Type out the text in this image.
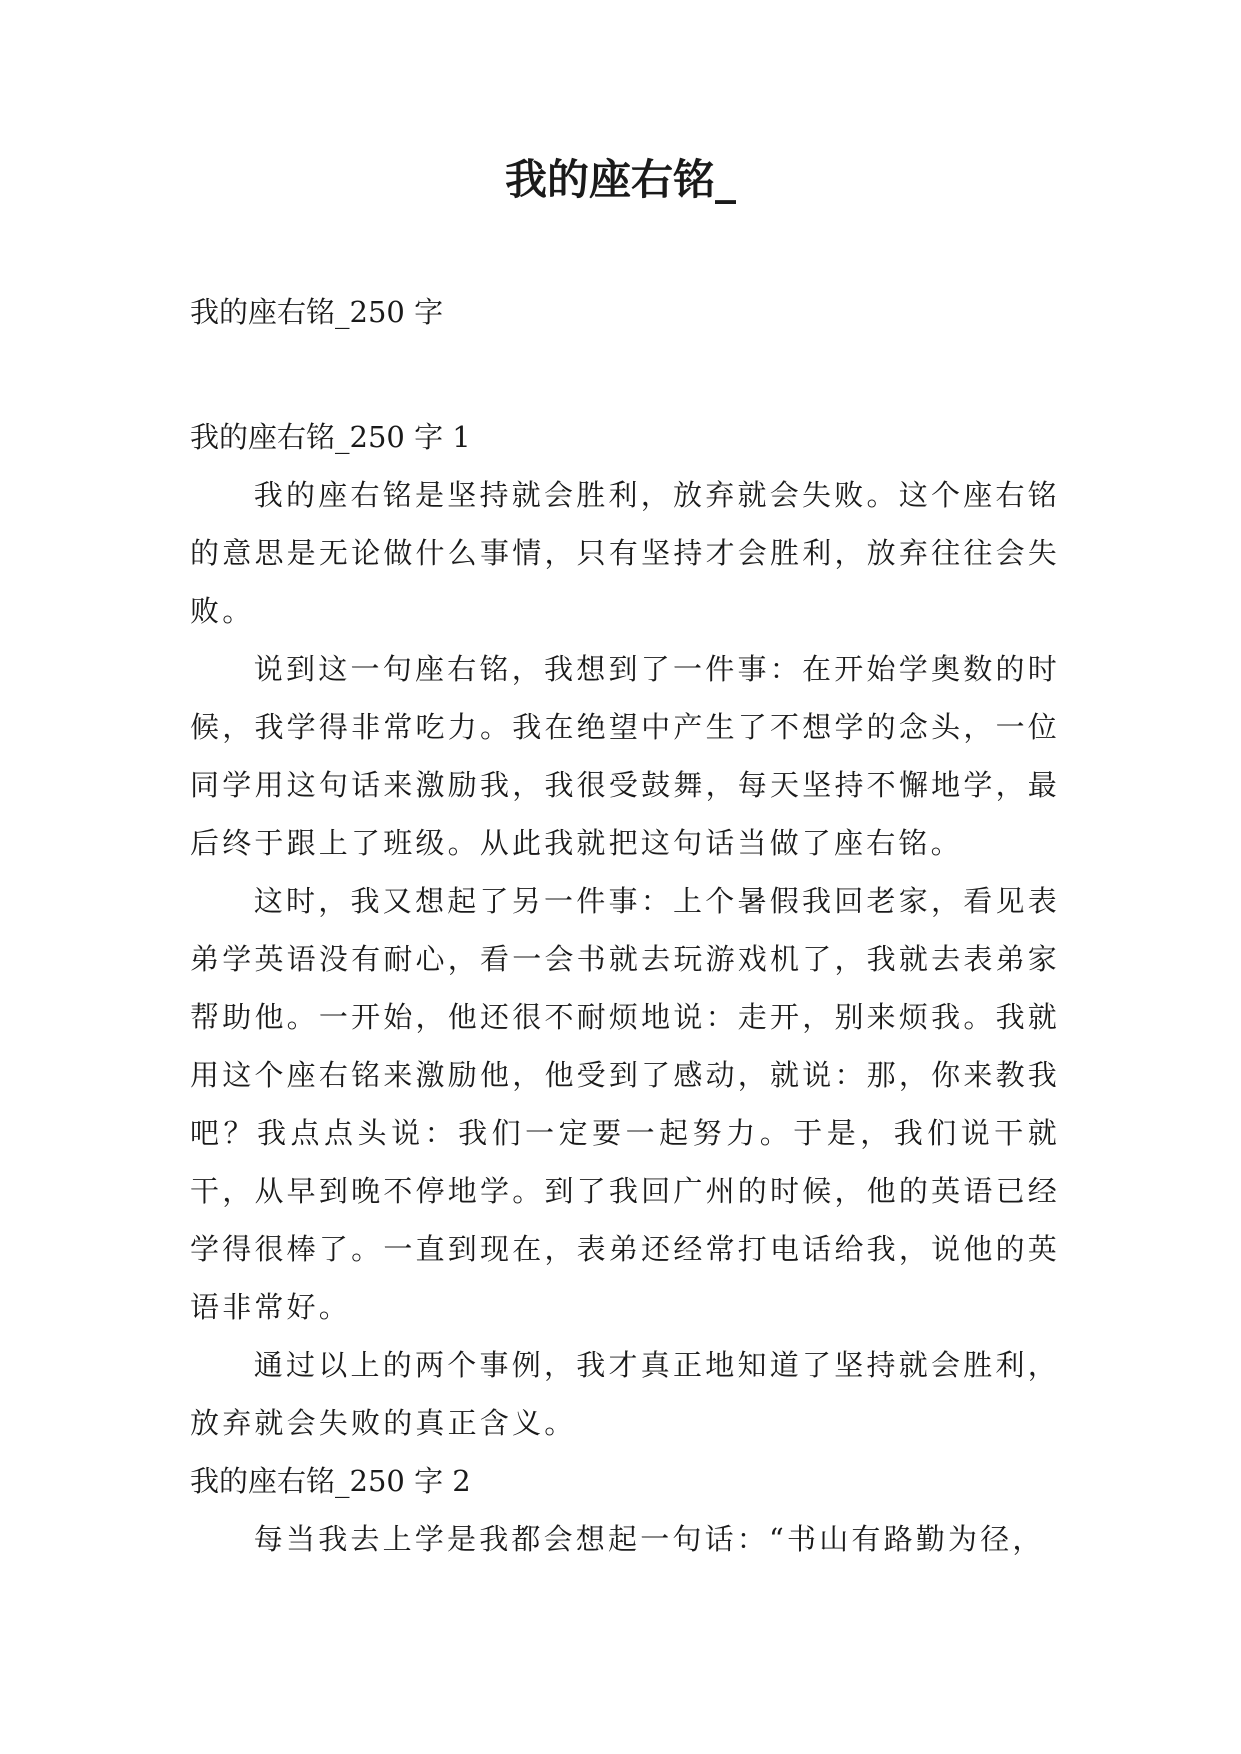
我的座右铭_

我的座右铭_250 字

我的座右铭_250 字 1

我的座右铭是坚持就会胜利，放弃就会失败。这个座右铭的意思是无论做什么事情，只有坚持才会胜利，放弃往往会失败。

说到这一句座右铭，我想到了一件事：在开始学奥数的时候，我学得非常吃力。我在绝望中产生了不想学的念头，一位同学用这句话来激励我，我很受鼓舞，每天坚持不懈地学，最后终于跟上了班级。从此我就把这句话当做了座右铭。

这时，我又想起了另一件事：上个暑假我回老家，看见表弟学英语没有耐心，看一会书就去玩游戏机了，我就去表弟家帮助他。一开始，他还很不耐烦地说：走开，别来烦我。我就用这个座右铭来激励他，他受到了感动，就说：那，你来教我吧？我点点头说：我们一定要一起努力。于是，我们说干就干，从早到晚不停地学。到了我回广州的时候，他的英语已经学得很棒了。一直到现在，表弟还经常打电话给我，说他的英语非常好。

通过以上的两个事例，我才真正地知道了坚持就会胜利，放弃就会失败的真正含义。

我的座右铭_250 字 2

每当我去上学是我都会想起一句话：“书山有路勤为径，
